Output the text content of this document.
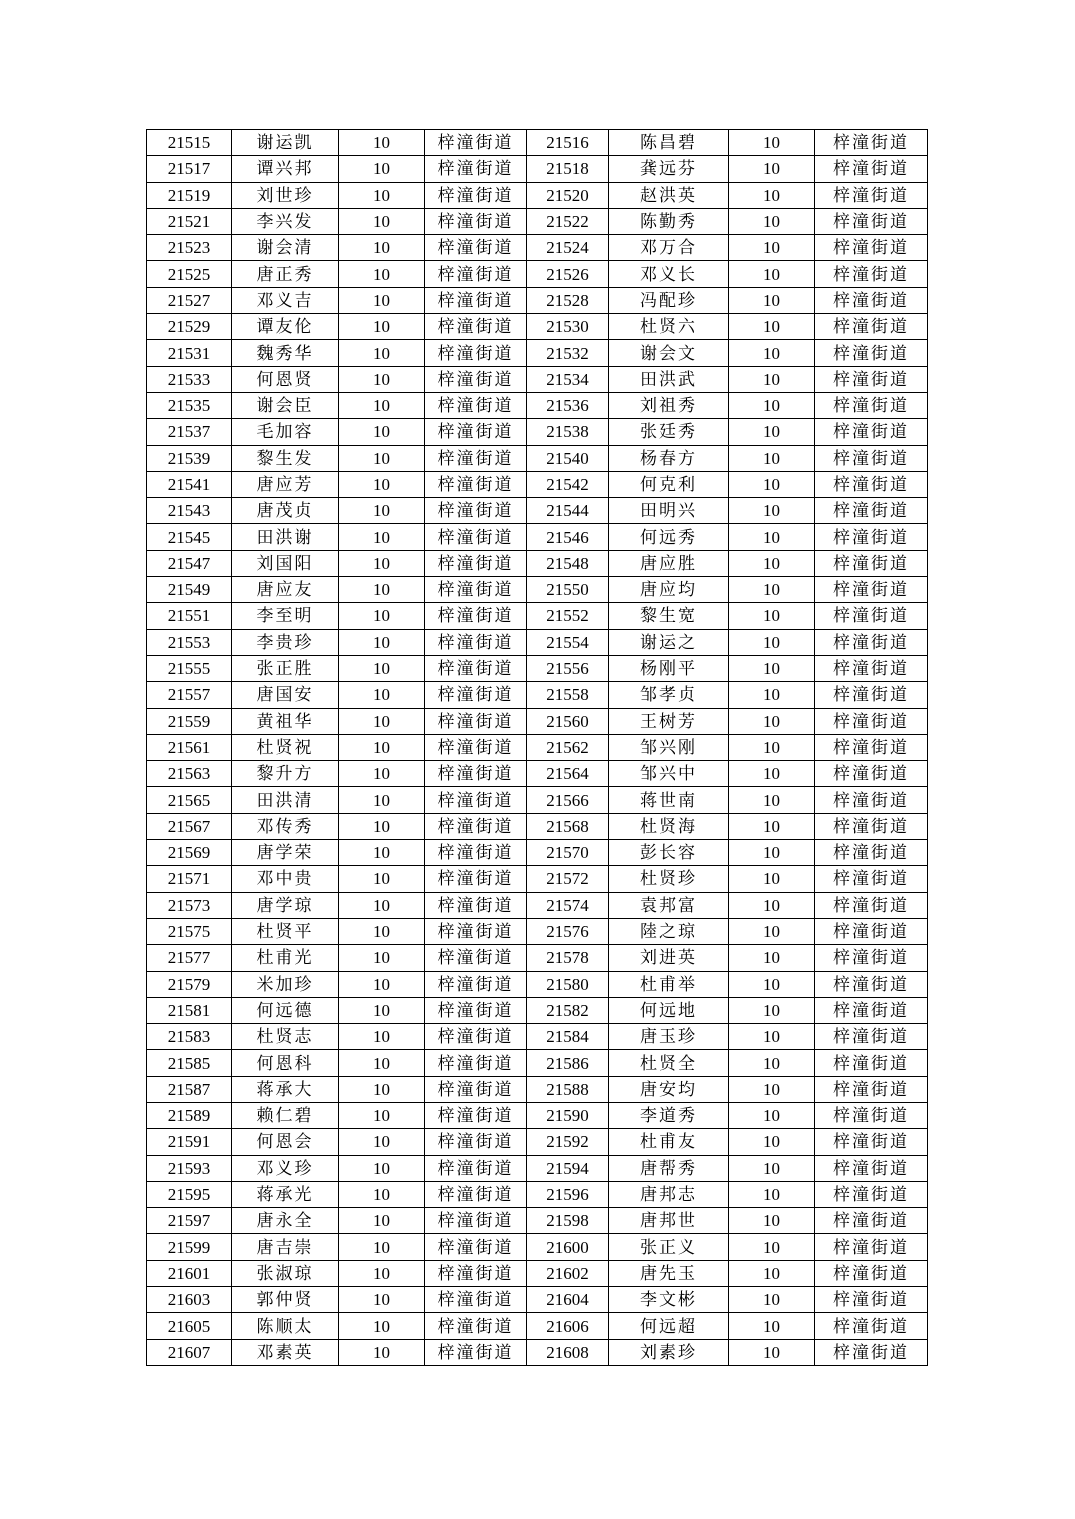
21515	谢运凯	10	梓潼街道	21516	陈昌碧	10	梓潼街道
21517	谭兴邦	10	梓潼街道	21518	龚远芬	10	梓潼街道
21519	刘世珍	10	梓潼街道	21520	赵洪英	10	梓潼街道
21521	李兴发	10	梓潼街道	21522	陈勤秀	10	梓潼街道
21523	谢会清	10	梓潼街道	21524	邓万合	10	梓潼街道
21525	唐正秀	10	梓潼街道	21526	邓义长	10	梓潼街道
21527	邓义吉	10	梓潼街道	21528	冯配珍	10	梓潼街道
21529	谭友伦	10	梓潼街道	21530	杜贤六	10	梓潼街道
21531	魏秀华	10	梓潼街道	21532	谢会文	10	梓潼街道
21533	何恩贤	10	梓潼街道	21534	田洪武	10	梓潼街道
21535	谢会臣	10	梓潼街道	21536	刘祖秀	10	梓潼街道
21537	毛加容	10	梓潼街道	21538	张廷秀	10	梓潼街道
21539	黎生发	10	梓潼街道	21540	杨春方	10	梓潼街道
21541	唐应芳	10	梓潼街道	21542	何克利	10	梓潼街道
21543	唐茂贞	10	梓潼街道	21544	田明兴	10	梓潼街道
21545	田洪谢	10	梓潼街道	21546	何远秀	10	梓潼街道
21547	刘国阳	10	梓潼街道	21548	唐应胜	10	梓潼街道
21549	唐应友	10	梓潼街道	21550	唐应均	10	梓潼街道
21551	李至明	10	梓潼街道	21552	黎生宽	10	梓潼街道
21553	李贵珍	10	梓潼街道	21554	谢运之	10	梓潼街道
21555	张正胜	10	梓潼街道	21556	杨刚平	10	梓潼街道
21557	唐国安	10	梓潼街道	21558	邹孝贞	10	梓潼街道
21559	黄祖华	10	梓潼街道	21560	王树芳	10	梓潼街道
21561	杜贤祝	10	梓潼街道	21562	邹兴刚	10	梓潼街道
21563	黎升方	10	梓潼街道	21564	邹兴中	10	梓潼街道
21565	田洪清	10	梓潼街道	21566	蒋世南	10	梓潼街道
21567	邓传秀	10	梓潼街道	21568	杜贤海	10	梓潼街道
21569	唐学荣	10	梓潼街道	21570	彭长容	10	梓潼街道
21571	邓中贵	10	梓潼街道	21572	杜贤珍	10	梓潼街道
21573	唐学琼	10	梓潼街道	21574	袁邦富	10	梓潼街道
21575	杜贤平	10	梓潼街道	21576	陸之琼	10	梓潼街道
21577	杜甫光	10	梓潼街道	21578	刘进英	10	梓潼街道
21579	米加珍	10	梓潼街道	21580	杜甫举	10	梓潼街道
21581	何远德	10	梓潼街道	21582	何远地	10	梓潼街道
21583	杜贤志	10	梓潼街道	21584	唐玉珍	10	梓潼街道
21585	何恩科	10	梓潼街道	21586	杜贤全	10	梓潼街道
21587	蒋承大	10	梓潼街道	21588	唐安均	10	梓潼街道
21589	赖仁碧	10	梓潼街道	21590	李道秀	10	梓潼街道
21591	何恩会	10	梓潼街道	21592	杜甫友	10	梓潼街道
21593	邓义珍	10	梓潼街道	21594	唐帮秀	10	梓潼街道
21595	蒋承光	10	梓潼街道	21596	唐邦志	10	梓潼街道
21597	唐永全	10	梓潼街道	21598	唐邦世	10	梓潼街道
21599	唐吉崇	10	梓潼街道	21600	张正义	10	梓潼街道
21601	张淑琼	10	梓潼街道	21602	唐先玉	10	梓潼街道
21603	郭仲贤	10	梓潼街道	21604	李文彬	10	梓潼街道
21605	陈顺太	10	梓潼街道	21606	何远超	10	梓潼街道
21607	邓素英	10	梓潼街道	21608	刘素珍	10	梓潼街道
